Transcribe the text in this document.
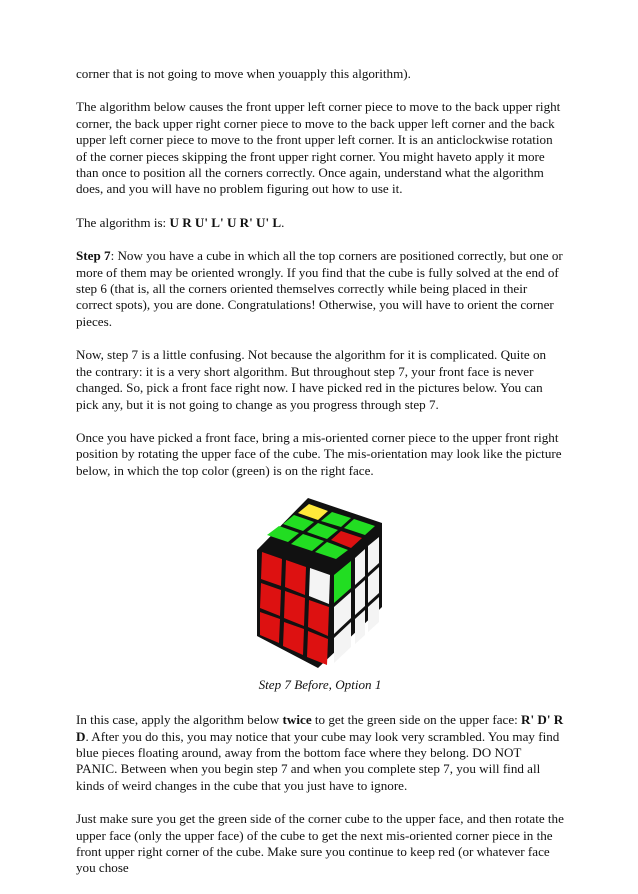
corner that is not going to move when youapply this algorithm).

The algorithm below causes the front upper left corner piece to move to the back upper right corner, the back upper right corner piece to move to the back upper left corner and the back upper left corner piece to move to the front upper left corner. It is an anticlockwise rotation of the corner pieces skipping the front upper right corner. You might haveto apply it more than once to position all the corners correctly. Once again, understand what the algorithm does, and you will have no problem figuring out how to use it.

The algorithm is: U R U' L' U R' U' L.

Step 7: Now you have a cube in which all the top corners are positioned correctly, but one or more of them may be oriented wrongly. If you find that the cube is fully solved at the end of step 6 (that is, all the corners oriented themselves correctly while being placed in their correct spots), you are done. Congratulations! Otherwise, you will have to orient the corner pieces.

Now, step 7 is a little confusing. Not because the algorithm for it is complicated. Quite on the contrary: it is a very short algorithm. But throughout step 7, your front face is never changed. So, pick a front face right now. I have picked red in the pictures below. You can pick any, but it is not going to change as you progress through step 7.

Once you have picked a front face, bring a mis-oriented corner piece to the upper front right position by rotating the upper face of the cube. The mis-orientation may look like the picture below, in which the top color (green) is on the right face.

Step 7 Before, Option 1

In this case, apply the algorithm below twice to get the green side on the upper face: R' D' R D. After you do this, you may notice that your cube may look very scrambled. You may find blue pieces floating around, away from the bottom face where they belong. DO NOT PANIC. Between when you begin step 7 and when you complete step 7, you will find all kinds of weird changes in the cube that you just have to ignore.

Just make sure you get the green side of the corner cube to the upper face, and then rotate the upper face (only the upper face) of the cube to get the next mis-oriented corner piece in the front upper right corner of the cube. Make sure you continue to keep red (or whatever face you chose
